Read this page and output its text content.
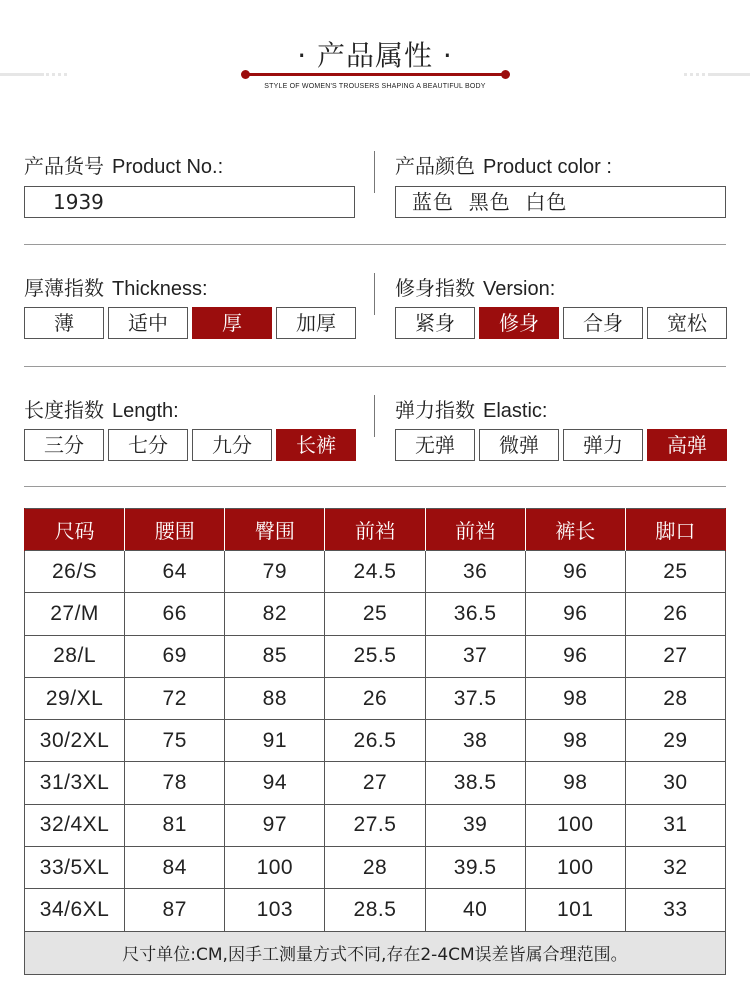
· 产品属性 ·
STYLE OF WOMEN'S TROUSERS SHAPING A BEAUTIFUL BODY
产品货号 Product No.:
1939
产品颜色 Product color :
蓝色  黑色  白色
厚薄指数 Thickness:
薄	适中	厚	加厚
修身指数 Version:
紧身	修身	合身	宽松
长度指数 Length:
三分	七分	九分	长裤
弹力指数 Elastic:
无弹	微弹	弹力	高弹
尺码	腰围	臀围	前裆	前裆	裤长	脚口
26/S	64	79	24.5	36	96	25
27/M	66	82	25	36.5	96	26
28/L	69	85	25.5	37	96	27
29/XL	72	88	26	37.5	98	28
30/2XL	75	91	26.5	38	98	29
31/3XL	78	94	27	38.5	98	30
32/4XL	81	97	27.5	39	100	31
33/5XL	84	100	28	39.5	100	32
34/6XL	87	103	28.5	40	101	33
尺寸单位:CM,因手工测量方式不同,存在2-4CM误差皆属合理范围。						
